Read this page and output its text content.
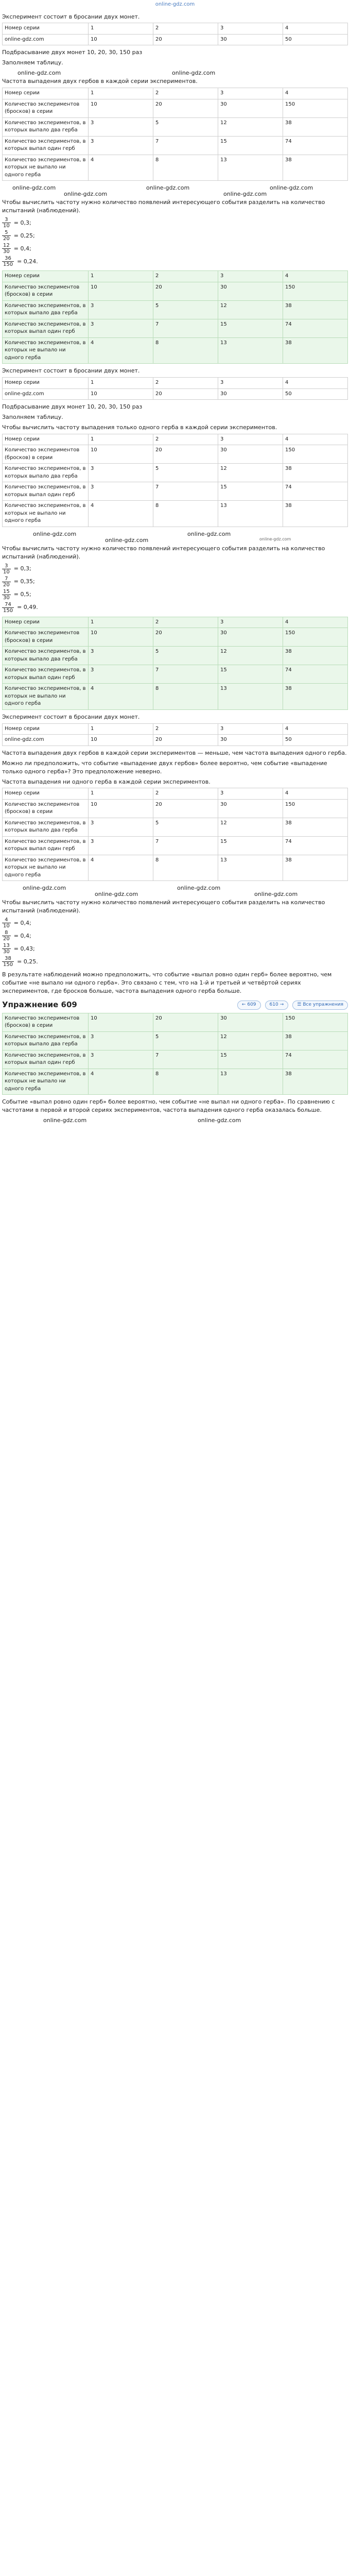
online-gdz.com

Эксперимент состоит в бросании двух монет.

Номер серии	1	2	3	4
online-gdz.com	10	20	30	50

Подбрасывание двух монет 10, 20, 30, 150 раз

Заполняем таблицу.

online-gdz.com	online-gdz.com

Частота выпадения двух гербов в каждой серии экспериментов.

Номер серии	1	2	3	4
Количество экспериментов (бросков) в серии	10	20	30	150
Количество экспериментов, в которых выпало два герба	3	5	12	38
Количество экспериментов, в которых выпал один герб	3	7	15	74
Количество экспериментов, в которых не выпало ни одного герба	4	8	13	38
online-gdz.com	online-gdz.com	online-gdz.com
online-gdz.com	online-gdz.com

Чтобы вычислить частоту нужно количество появлений интересующего события разделить на количество испытаний (наблюдений).

$\frac{3}{10} = 0,3$;
$\frac{5}{20} = 0,25$;
$\frac{12}{30} = 0,4$;
$\frac{36}{150} = 0,24$.
Номер серии	1	2	3	4
Количество экспериментов (бросков) в серии	10	20	30	150
Количество экспериментов, в которых выпало два герба	3	5	12	38
Количество экспериментов, в которых выпал один герб	3	7	15	74
Количество экспериментов, в которых не выпало ни одного герба	4	8	13	38

Эксперимент состоит в бросании двух монет.

Номер серии	1	2	3	4
online-gdz.com	10	20	30	50

Подбрасывание двух монет 10, 20, 30, 150 раз

Заполняем таблицу.

Чтобы вычислить частоту выпадения только одного герба в каждой серии экспериментов.

Номер серии	1	2	3	4
Количество экспериментов (бросков) в серии	10	20	30	150
Количество экспериментов, в которых выпало два герба	3	5	12	38
Количество экспериментов, в которых выпал один герб	3	7	15	74
Количество экспериментов, в которых не выпало ни одного герба	4	8	13	38
online-gdz.com	online-gdz.com
online-gdz.com	online-gdz.com

Чтобы вычислить частоту нужно количество появлений интересующего события разделить на количество испытаний (наблюдений).

$\frac{3}{10} = 0,3$;
$\frac{7}{20} = 0,35$;
$\frac{15}{30} = 0,5$;
$\frac{74}{150} = 0,49$.
Номер серии	1	2	3	4
Количество экспериментов (бросков) в серии	10	20	30	150
Количество экспериментов, в которых выпало два герба	3	5	12	38
Количество экспериментов, в которых выпал один герб	3	7	15	74
Количество экспериментов, в которых не выпало ни одного герба	4	8	13	38

Эксперимент состоит в бросании двух монет.

Номер серии	1	2	3	4
online-gdz.com	10	20	30	50

Частота выпадения двух гербов в каждой серии экспериментов — меньше, чем частота выпадения одного герба.

Можно ли предположить, что событие «выпадение двух гербов» более вероятно, чем событие «выпадение только одного герба»? Это предположение неверно.

Частота выпадения ни одного герба в каждой серии экспериментов.

Номер серии	1	2	3	4
Количество экспериментов (бросков) в серии	10	20	30	150
Количество экспериментов, в которых выпало два герба	3	5	12	38
Количество экспериментов, в которых выпал один герб	3	7	15	74
Количество экспериментов, в которых не выпало ни одного герба	4	8	13	38
online-gdz.com	online-gdz.com
online-gdz.com	online-gdz.com

Чтобы вычислить частоту нужно количество появлений интересующего события разделить на количество испытаний (наблюдений).

$\frac{4}{10} = 0,4$;
$\frac{8}{20} = 0,4$;
$\frac{13}{30} = 0,43$;
$\frac{38}{150} = 0,25$.

В результате наблюдений можно предположить, что событие «выпал ровно один герб» более вероятно, чем событие «не выпало ни одного герба». Это связано с тем, что на 1-й и третьей и четвёртой сериях экспериментов, где бросков больше, частота выпадения одного герба больше.

Упражнение 609	← 609	610 →	☰ Все упражнения
Количество экспериментов (бросков) в серии	10	20	30	150
Количество экспериментов, в которых выпало два герба	3	5	12	38
Количество экспериментов, в которых выпал один герб	3	7	15	74
Количество экспериментов, в которых не выпало ни одного герба	4	8	13	38

Событие «выпал ровно один герб» более вероятно, чем событие «не выпал ни одного герба». По сравнению с частотами в первой и второй сериях экспериментов, частота выпадения одного герба оказалась больше.

online-gdz.com	online-gdz.com
